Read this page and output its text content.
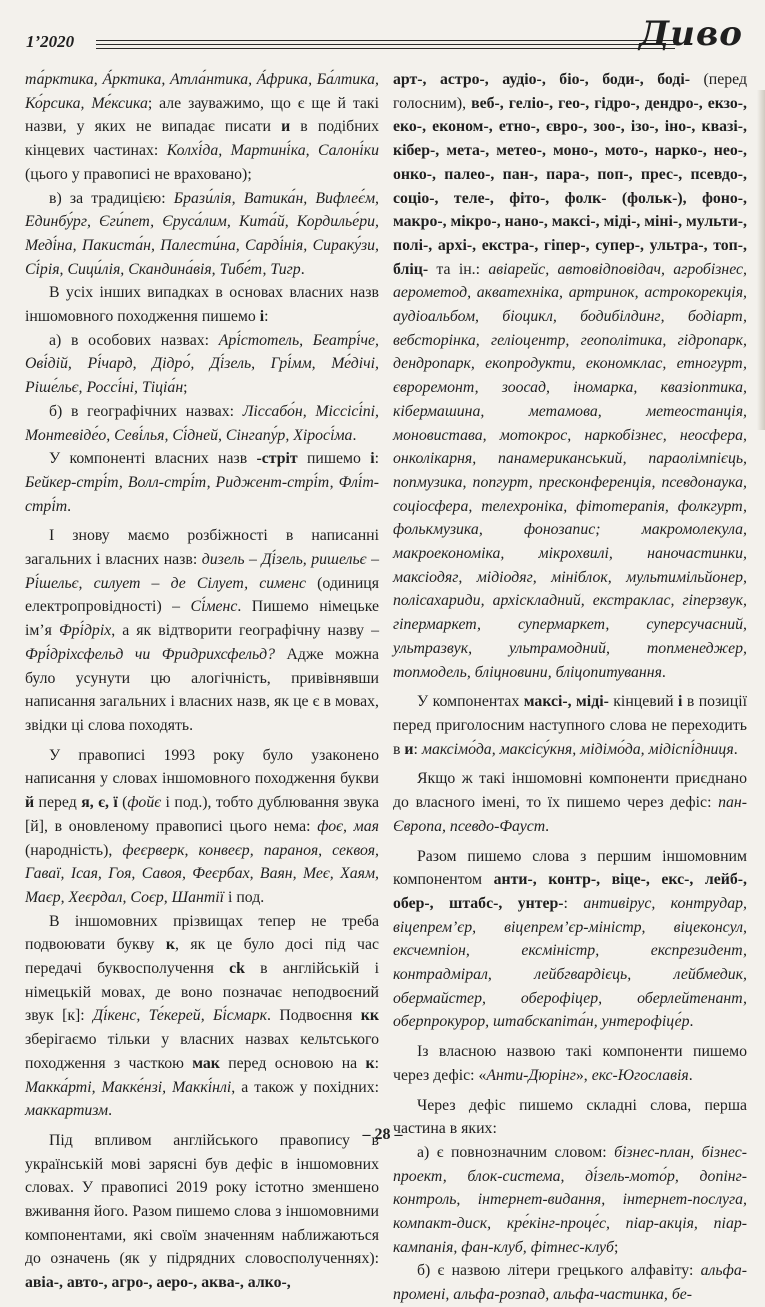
1’2020	Дивo

та́рктика, А́рктика, Атла́нтика, А́фрика, Ба́лтика, Ко́рсика, Ме́ксика; але зауважимо, що є ще й такі назви, у яких не випадає писати и в подібних кінцевих частинах: Колхі́да, Мартині́ка, Салоні́ки (цього у правописі не враховано);

в) за традицією: Брази́лія, Ватика́н, Вифлеє́м, Единбу́рг, Єги́пет, Єруса́лим, Кита́й, Кордилье́ри, Меді́на, Пакиста́н, Палести́на, Сарді́нія, Сираку́зи, Сі́рія, Сици́лія, Скандина́вія, Тибе́т, Тигр.

В усіх інших випадках в основах власних назв іншомовного походження пишемо і:

а) в особових назвах: Арі́стотель, Беатрі́че, Ові́дій, Рі́чард, Дідро́, Ді́зель, Грі́мм, Ме́дічі, Ріше́льє, Россі́ні, Тіціа́н;

б) в географічних назвах: Ліссабо́н, Міссісі́пі, Монтевіде́о, Севі́лья, Сі́дней, Сінгапу́р, Хіросі́ма.

У компоненті власних назв -стріт пишемо і: Бейкер-стрі́т, Волл-стрі́т, Риджент-стрі́т, Флі́т-стрі́т.

І знову маємо розбіжності в написанні загальних і власних назв: дизель – Ді́зель, ришельє – Рі́шельє, силует – де Сілует, сименс (одиниця електропровідності) – Сі́менс. Пишемо німецьке ім’я Фрі́дріх, а як відтворити географічну назву – Фрі́дріхсфельд чи Фридрихсфельд? Адже можна було усунути цю алогічність, привівнявши написання загальних і власних назв, як це є в мовах, звідки ці слова походять.

У правописі 1993 року було узаконено написання у словах іншомовного походження букви й перед я, є, ї (фойє і под.), тобто дублювання звука [й], в оновленому правописі цього нема: фоє, мая (народність), феєрверк, конвеєр, параноя, секвоя, Гаваї, Ісая, Гоя, Савоя, Феєрбах, Ваян, Меє, Хаям, Маєр, Хеєрдал, Соєр, Шантії і под.

В іншомовних прізвищах тепер не треба подвоювати букву к, як це було досі під час передачі буквосполучення ck в англійській і німецькій мовах, де воно позначає неподвоєний звук [к]: Ді́кенс, Те́керей, Бі́смарк. Подвоєння кк зберігаємо тільки у власних назвах кельтського походження з часткою мак перед основою на к: Макка́рті, Макке́нзі, Маккі́нлі, а також у похідних: маккартизм.

Під впливом англійського правопису в українській мові зарясні був дефіс в іншомовних словах. У правописі 2019 року істотно зменшено вживання його. Разом пишемо слова з іншомовними компонентами, які своїм значенням наближаються до означень (як у підрядних словосполученнях): авіа-, авто-, агро-, аеро-, аква-, алко-,

арт-, астро-, аудіо-, біо-, боди-, боді- (перед голосним), веб-, геліо-, гео-, гідро-, дендро-, екзо-, еко-, економ-, етно-, євро-, зоо-, ізо-, іно-, квазі-, кібер-, мета-, метео-, моно-, мото-, нарко-, нео-, онко-, палео-, пан-, пара-, поп-, прес-, псевдо-, соціо-, теле-, фіто-, фолк- (фольк-), фоно-, макро-, мікро-, нано-, максі-, міді-, міні-, мульти-, полі-, архі-, екстра-, гіпер-, супер-, ультра-, топ-, бліц- та ін.: авіарейс, автовідповідач, агробізнес, аерометод, акватехніка, артринок, астрокорекція, аудіоальбом, біоцикл, бодибілдинг, бодіарт, вебсторінка, геліоцентр, геополітика, гідропарк, дендропарк, екопродукти, економклас, етногурт, євроремонт, зоосад, іномарка, квазіоптика, кібермашина, метамова, метеостанція, моновистава, мотокрос, наркобізнес, неосфера, онколікарня, панамериканський, параолімпієць, попмузика, попгурт, пресконференція, псевдонаука, соціосфера, телехроніка, фітотерапія, фолкгурт, фолькмузика, фонозапис; макромолекула, макроекономіка, мікрохвилі, наночастинки, максіодяг, мідіодяг, мініблок, мультимільйонер, полісахариди, архіскладний, екстраклас, гіперзвук, гіпермаркет, супермаркет, суперсучасний, ультразвук, ультрамодний, топменеджер, топмодель, бліцновини, бліцопитування.

У компонентах максі-, міді- кінцевий і в позиції перед приголосним наступного слова не переходить в и: максімо́да, максісу́кня, мідімо́да, мідіспі́дниця.

Якщо ж такі іншомовні компоненти приєднано до власного імені, то їх пишемо через дефіс: пан-Європа, псевдо-Фауст.

Разом пишемо слова з першим іншомовним компонентом анти-, контр-, віце-, екс-, лейб-, обер-, штабс-, унтер-: антивірус, контрудар, віцепрем’єр, віцепрем’єр-міністр, віцеконсул, ексчемпіон, ексміністр, експрезидент, контрадмірал, лейбгвардієць, лейбмедик, обермайстер, оберофіцер, оберлейтенант, оберпрокурор, штабскапіта́н, унтерофіце́р.

Із власною назвою такі компоненти пишемо через дефіс: «Анти-Дюрінг», екс-Югославія.

Через дефіс пишемо складні слова, перша частина в яких:

а) є повнозначним словом: бізнес-план, бізнес-проект, блок-система, ді́зель-мото́р, допінг-контроль, інтернет-видання, інтернет-послуга, компакт-диск, кре́кінг-проце́с, піар-акція, піар-кампанія, фан-клуб, фітнес-клуб;

б) є назвою літери грецького алфавіту: альфа-промені, альфа-розпад, альфа-частинка, бе-

– 28 –
